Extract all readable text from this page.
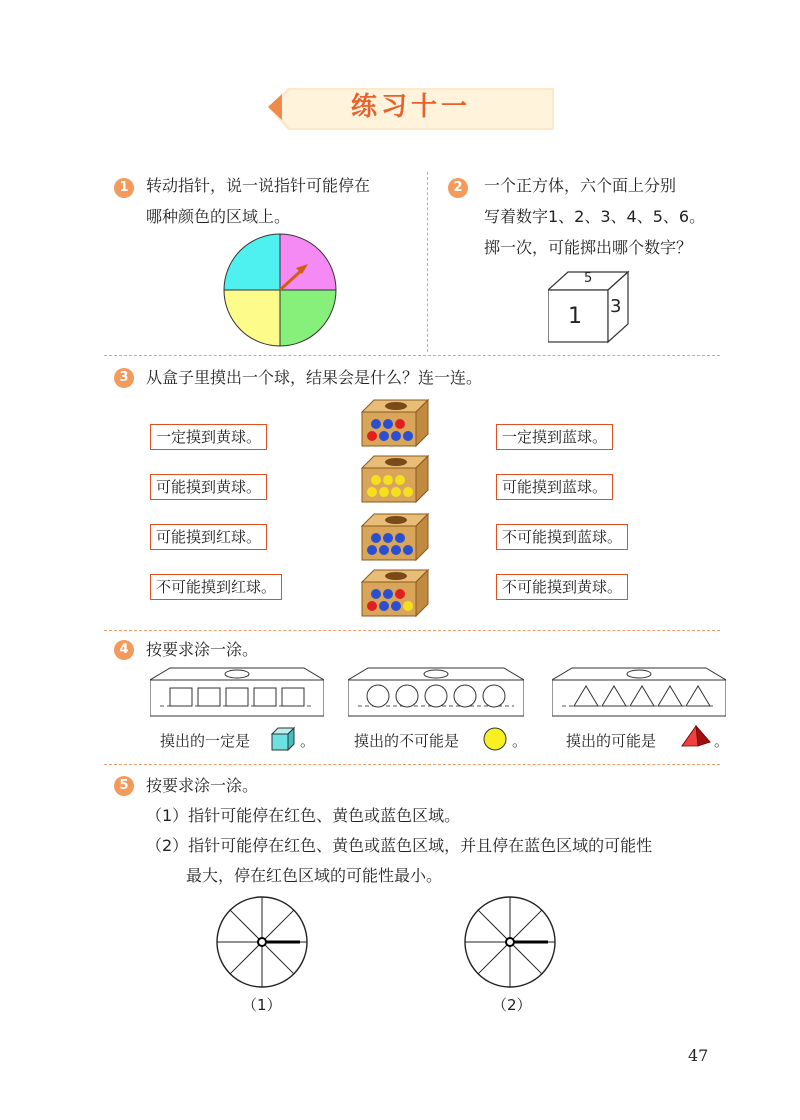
练习十一
1	转动指针，说一说指针可能停在
哪种颜色的区域上。
2	一个正方体，六个面上分别
写着数字1、2、3、4、5、6。
掷一次，可能掷出哪个数字？
5
1 3
3	从盒子里摸出一个球，结果会是什么？连一连。
一定摸到黄球。
可能摸到黄球。
可能摸到红球。
不可能摸到红球。
一定摸到蓝球。
可能摸到蓝球。
不可能摸到蓝球。
不可能摸到黄球。
4	按要求涂一涂。
摸出的一定是	。	摸出的不可能是	。	摸出的可能是	。
5	按要求涂一涂。
（1）指针可能停在红色、黄色或蓝色区域。
（2）指针可能停在红色、黄色或蓝色区域，并且停在蓝色区域的可能性
最大，停在红色区域的可能性最小。
（1）	（2）
47
